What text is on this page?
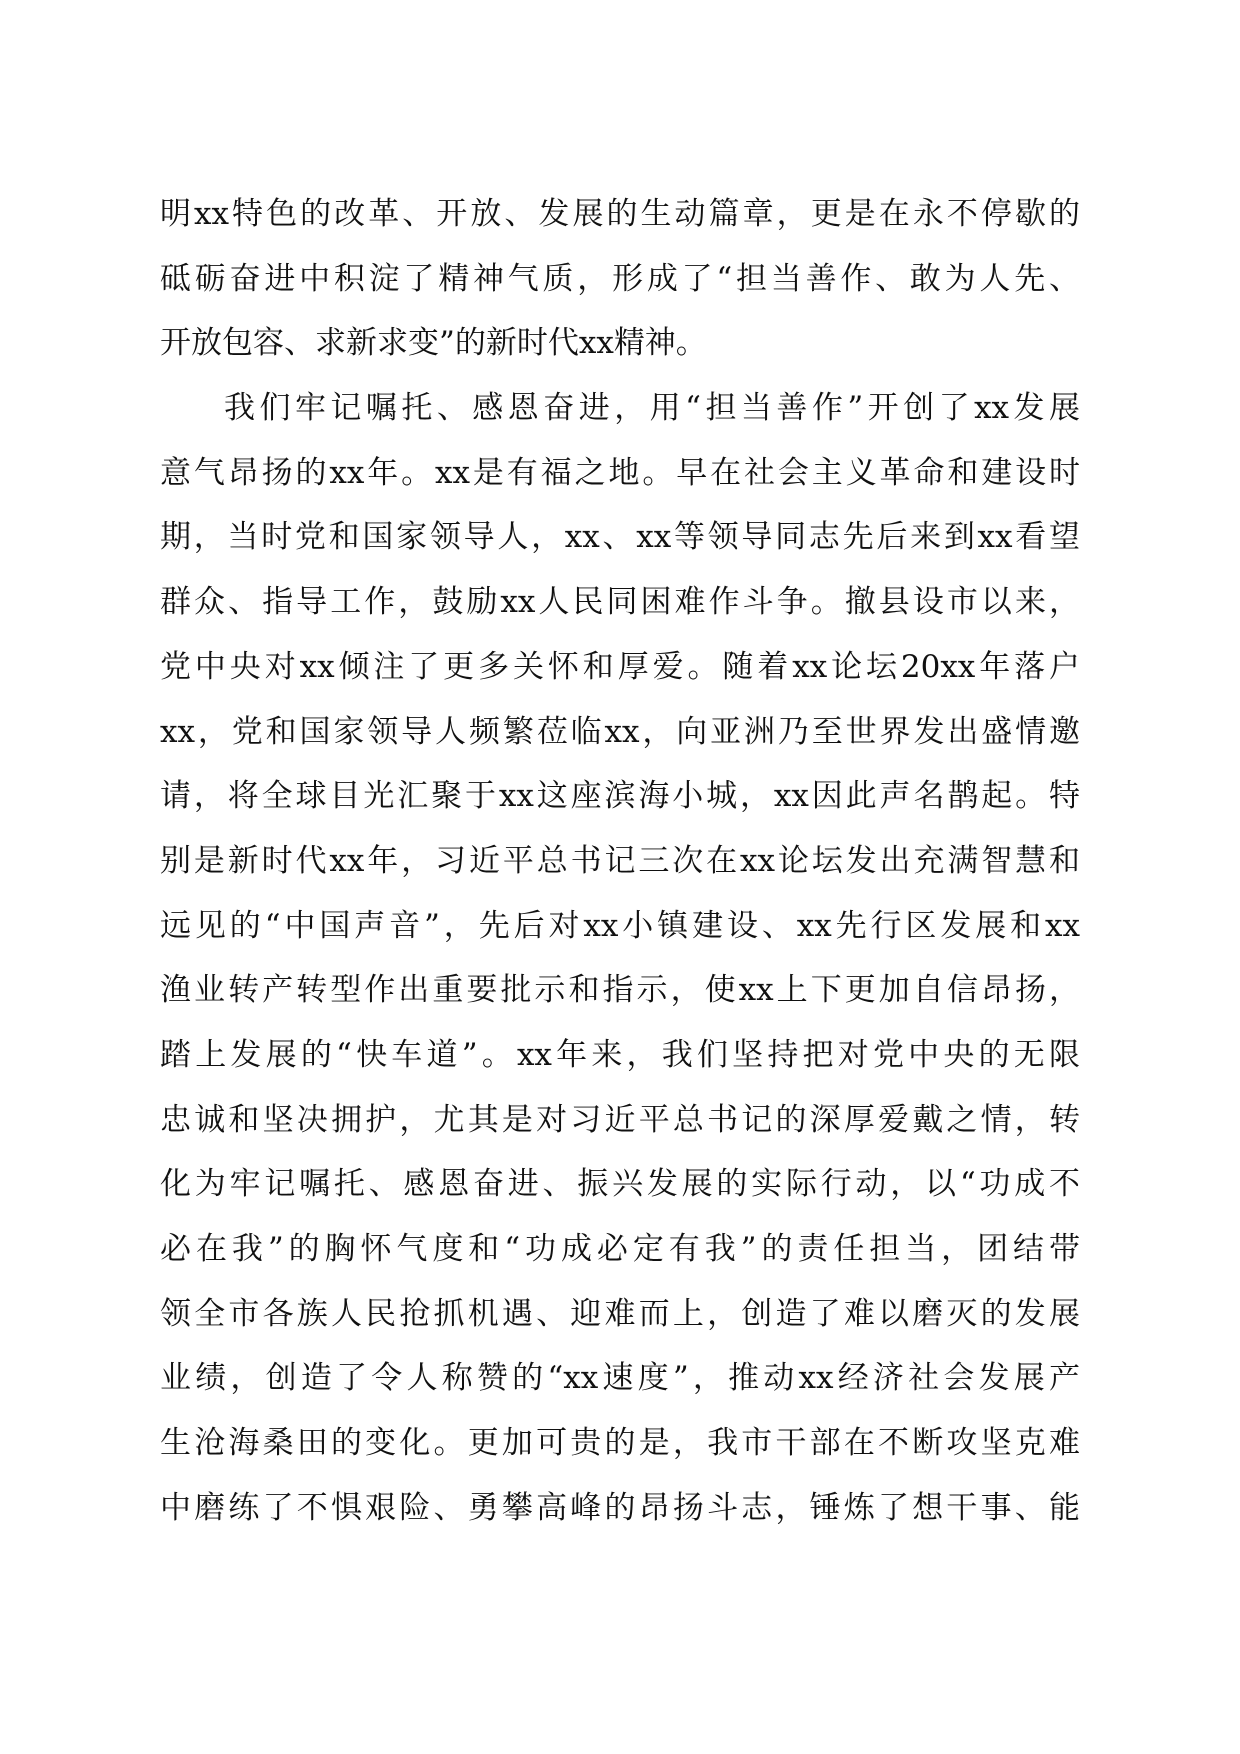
明xx特色的改革、开放、发展的生动篇章，更是在永不停歇的
砥砺奋进中积淀了精神气质，形成了“担当善作、敢为人先、
开放包容、求新求变”的新时代xx精神。
我们牢记嘱托、感恩奋进，用“担当善作”开创了xx发展
意气昂扬的xx年。xx是有福之地。早在社会主义革命和建设时
期，当时党和国家领导人，xx、xx等领导同志先后来到xx看望
群众、指导工作，鼓励xx人民同困难作斗争。撤县设市以来，
党中央对xx倾注了更多关怀和厚爱。随着xx论坛20xx年落户
xx，党和国家领导人频繁莅临xx，向亚洲乃至世界发出盛情邀
请，将全球目光汇聚于xx这座滨海小城，xx因此声名鹊起。特
别是新时代xx年，习近平总书记三次在xx论坛发出充满智慧和
远见的“中国声音”，先后对xx小镇建设、xx先行区发展和xx
渔业转产转型作出重要批示和指示，使xx上下更加自信昂扬，
踏上发展的“快车道”。xx年来，我们坚持把对党中央的无限
忠诚和坚决拥护，尤其是对习近平总书记的深厚爱戴之情，转
化为牢记嘱托、感恩奋进、振兴发展的实际行动，以“功成不
必在我”的胸怀气度和“功成必定有我”的责任担当，团结带
领全市各族人民抢抓机遇、迎难而上，创造了难以磨灭的发展
业绩，创造了令人称赞的“xx速度”，推动xx经济社会发展产
生沧海桑田的变化。更加可贵的是，我市干部在不断攻坚克难
中磨练了不惧艰险、勇攀高峰的昂扬斗志，锤炼了想干事、能
